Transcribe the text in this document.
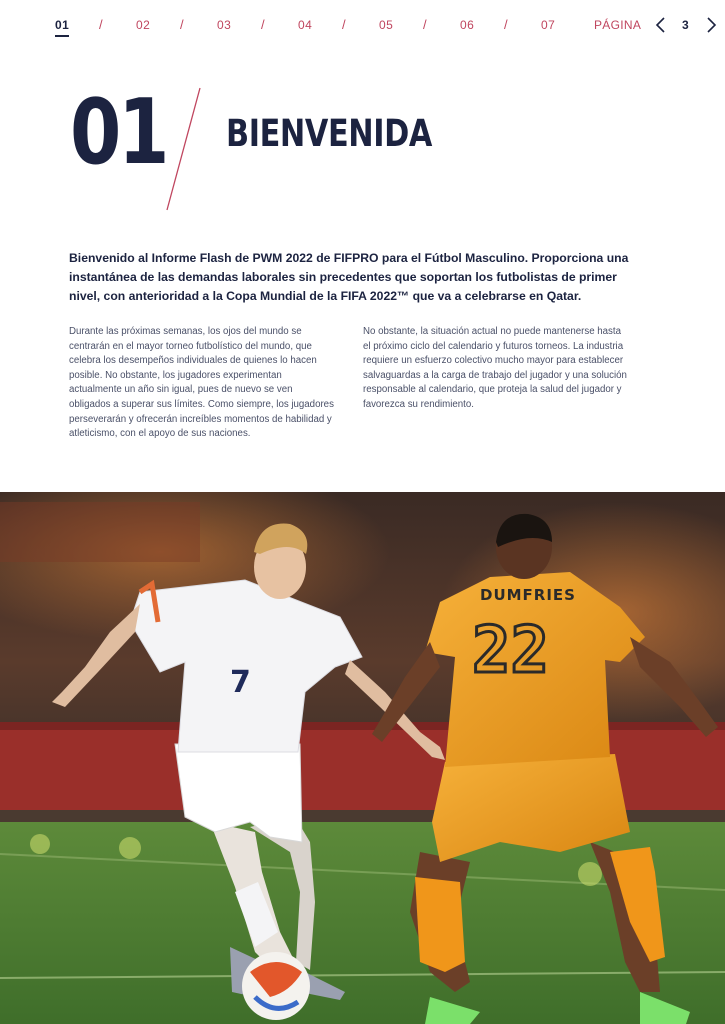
01 /	02 /	03 /	04 /	05 /	06 /	07	PÁGINA	3
01 BIENVENIDA

Bienvenido al Informe Flash de PWM 2022 de FIFPRO para el Fútbol Masculino. Proporciona una instantánea de las demandas laborales sin precedentes que soportan los futbolistas de primer nivel, con anterioridad a la Copa Mundial de la FIFA 2022™ que va a celebrarse en Qatar.

Durante las próximas semanas, los ojos del mundo se centrarán en el mayor torneo futbolístico del mundo, que celebra los desempeños individuales de quienes lo hacen posible. No obstante, los jugadores experimentan actualmente un año sin igual, pues de nuevo se ven obligados a superar sus límites. Como siempre, los jugadores perseverarán y ofrecerán increíbles momentos de habilidad y atleticismo, con el apoyo de sus naciones.

No obstante, la situación actual no puede mantenerse hasta el próximo ciclo del calendario y futuros torneos. La industria requiere un esfuerzo colectivo mucho mayor para establecer salvaguardas a la carga de trabajo del jugador y una solución responsable al calendario, que proteja la salud del jugador y favorezca su rendimiento.

7
DUMFRIES
22
